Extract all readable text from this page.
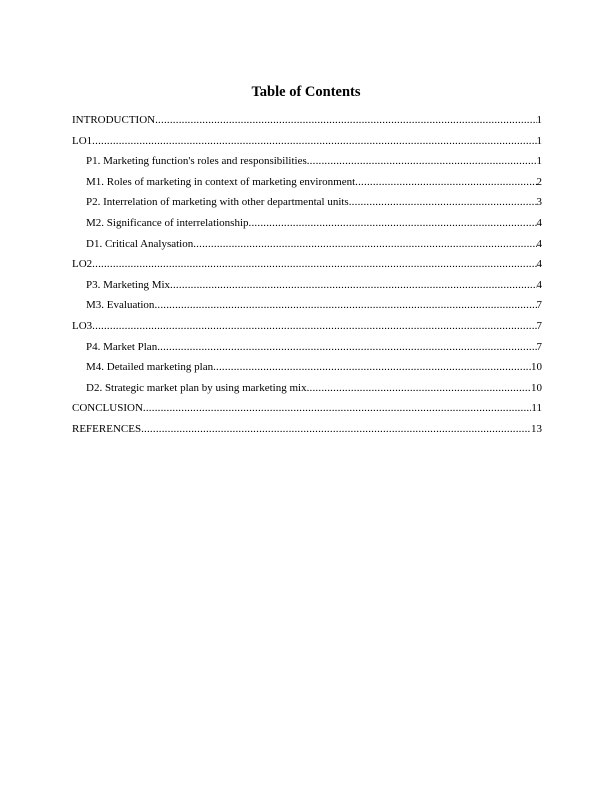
Table of Contents
INTRODUCTION .....	1
LO1 .....	1
P1. Marketing function's roles and responsibilities .....	1
M1. Roles of marketing in context of marketing environment .....	2
P2. Interrelation of marketing with other departmental units .....	3
M2. Significance of interrelationship .....	4
D1. Critical Analysation .....	4
LO2 .....	4
P3. Marketing Mix .....	4
M3. Evaluation .....	7
LO3 .....	7
P4. Market Plan .....	7
M4. Detailed marketing plan .....	10
D2. Strategic market plan by using marketing mix .....	10
CONCLUSION .....	11
REFERENCES .....	13
